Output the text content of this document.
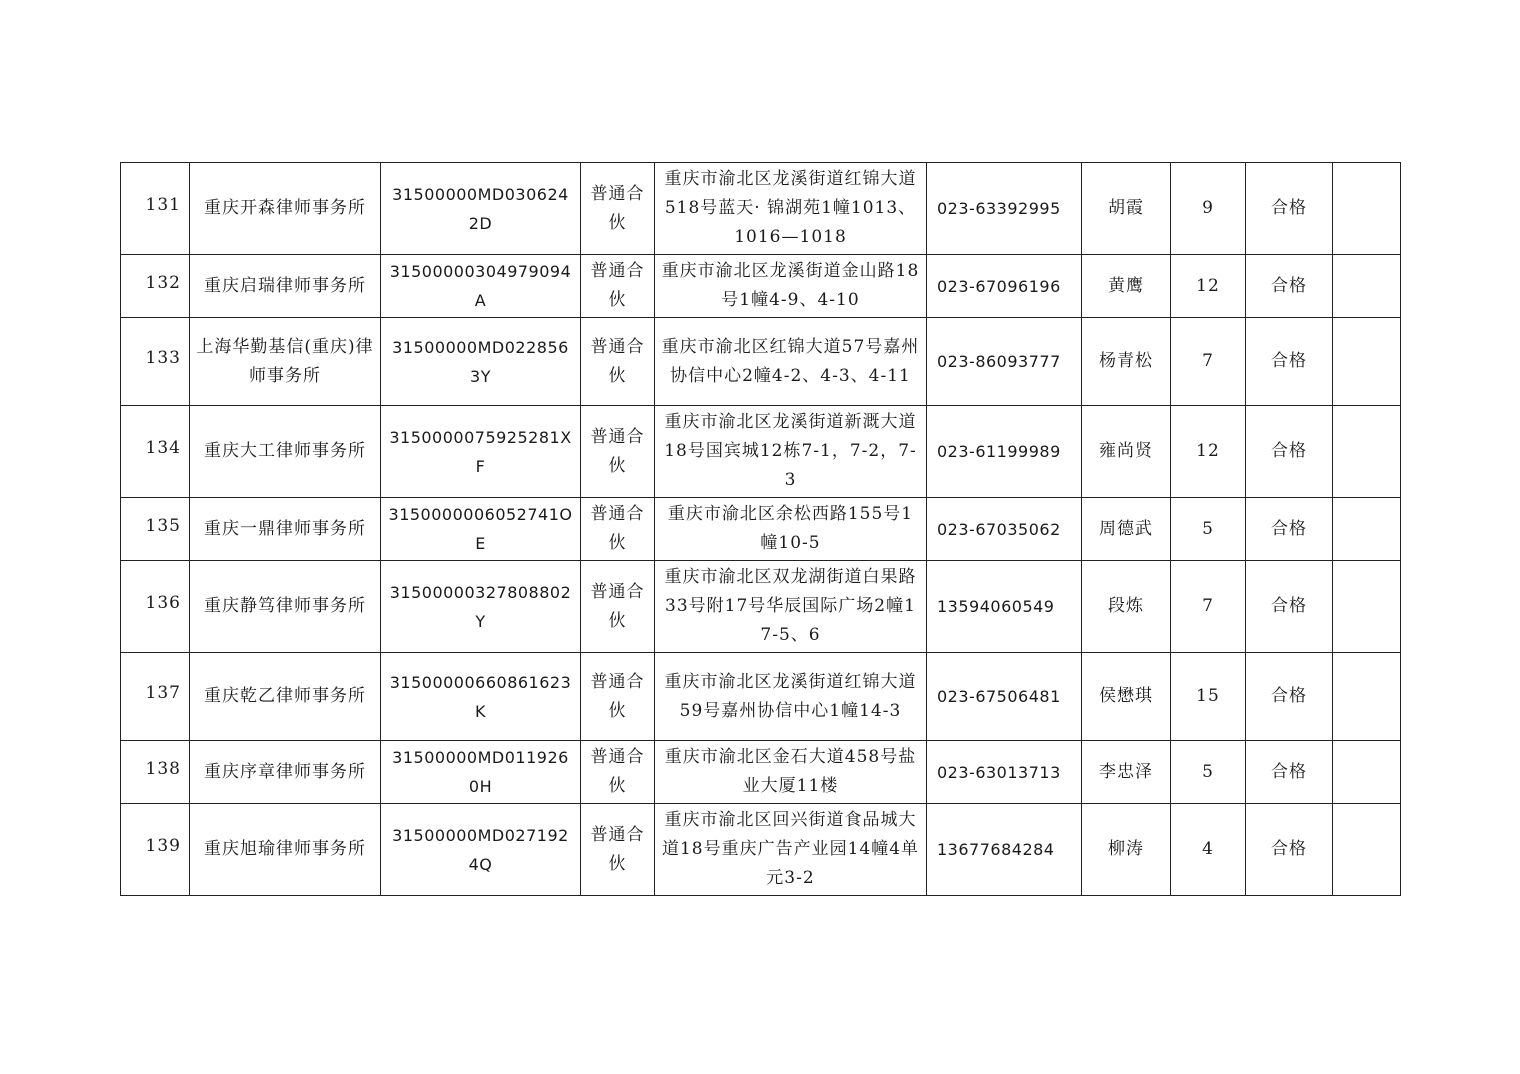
131	重庆开森律师事务所	31500000MD0306242D	普通合伙	重庆市渝北区龙溪街道红锦大道518号蓝天· 锦湖苑1幢1013、1016—1018	023-63392995	胡霞	9	合格	
132	重庆启瑞律师事务所	31500000304979094A	普通合伙	重庆市渝北区龙溪街道金山路18号1幢4-9、4-10	023-67096196	黄鹰	12	合格	
133	上海华勤基信(重庆)律师事务所	31500000MD0228563Y	普通合伙	重庆市渝北区红锦大道57号嘉州协信中心2幢4-2、4-3、4-11	023-86093777	杨青松	7	合格	
134	重庆大工律师事务所	3150000075925281XF	普通合伙	重庆市渝北区龙溪街道新溉大道18号国宾城12栋7-1，7-2，7-3	023-61199989	雍尚贤	12	合格	
135	重庆一鼎律师事务所	3150000006052741OE	普通合伙	重庆市渝北区余松西路155号1幢10-5	023-67035062	周德武	5	合格	
136	重庆静笃律师事务所	31500000327808802Y	普通合伙	重庆市渝北区双龙湖街道白果路33号附17号华辰国际广场2幢17-5、6	13594060549	段炼	7	合格	
137	重庆乾乙律师事务所	31500000660861623K	普通合伙	重庆市渝北区龙溪街道红锦大道59号嘉州协信中心1幢14-3	023-67506481	侯懋琪	15	合格	
138	重庆序章律师事务所	31500000MD0119260H	普通合伙	重庆市渝北区金石大道458号盐业大厦11楼	023-63013713	李忠泽	5	合格	
139	重庆旭瑜律师事务所	31500000MD0271924Q	普通合伙	重庆市渝北区回兴街道食品城大道18号重庆广告产业园14幢4单元3-2	13677684284	柳涛	4	合格	
